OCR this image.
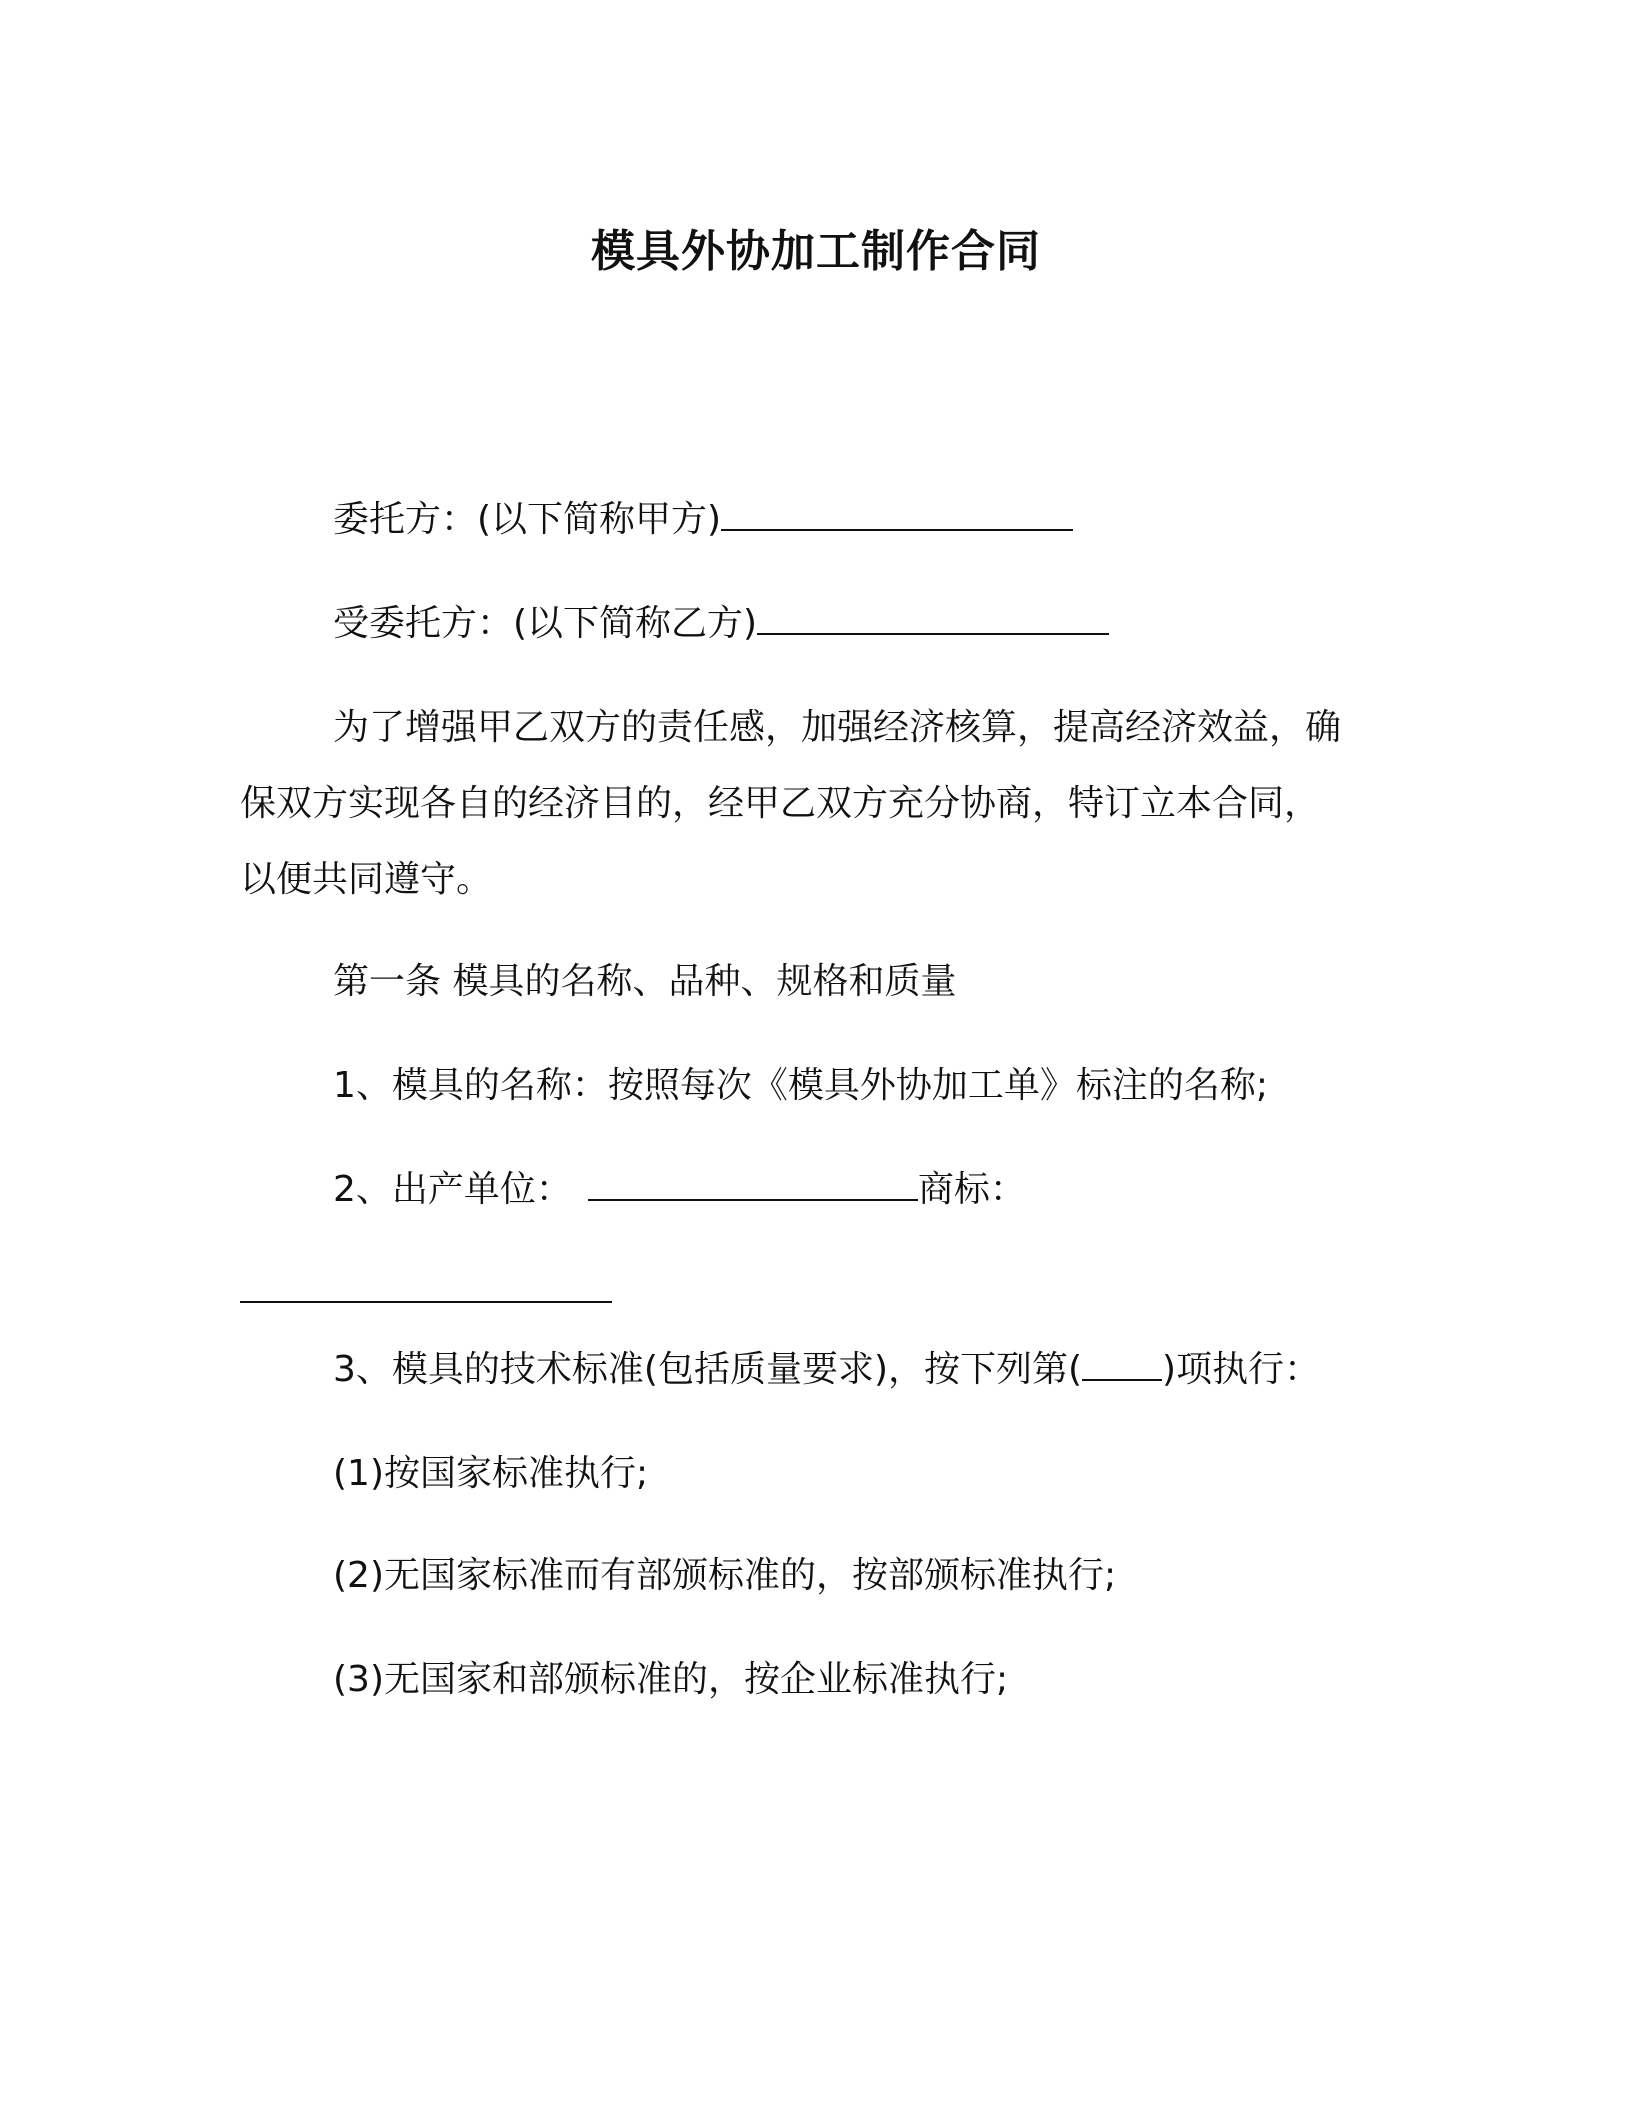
模具外协加工制作合同
委托方：(以下简称甲方)
受委托方：(以下简称乙方)
为了增强甲乙双方的责任感，加强经济核算，提高经济效益，确
保双方实现各自的经济目的，经甲乙双方充分协商，特订立本合同，
以便共同遵守。
第一条 模具的名称、品种、规格和质量
1、模具的名称：按照每次《模具外协加工单》标注的名称;
2、出产单位：	商标：
3、模具的技术标准(包括质量要求)，按下列第( )项执行：
(1)按国家标准执行;
(2)无国家标准而有部颁标准的，按部颁标准执行;
(3)无国家和部颁标准的，按企业标准执行;
